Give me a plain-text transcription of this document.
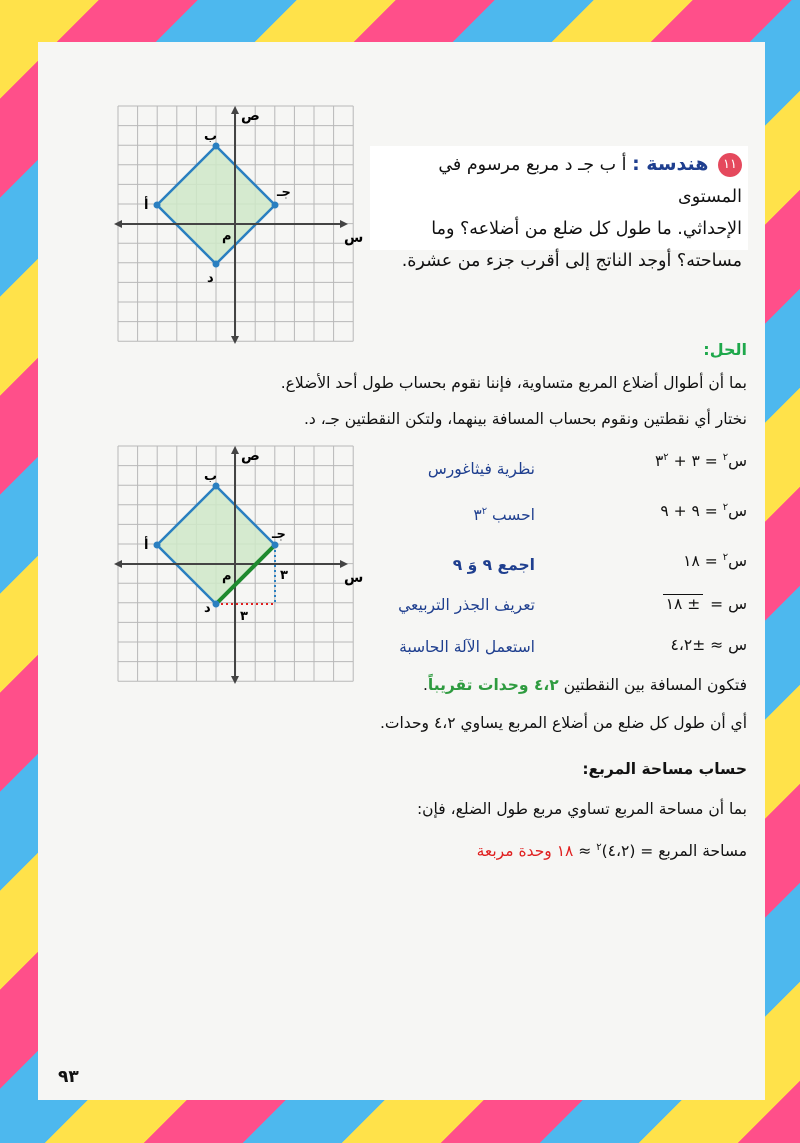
ب
جـ
د
أ
م	س
ص
١١ هندسة : أ ب جـ د مربع مرسوم في المستوى
الإحداثي. ما طول كل ضلع من أضلاعه؟ وما
مساحته؟ أوجد الناتج إلى أقرب جزء من عشرة.
الحل:
بما أن أطوال أضلاع المربع متساوية، فإننا نقوم بحساب طول أحد الأضلاع.
نختار أي نقطتين ونقوم بحساب المسافة بينهما، ولتكن النقطتين جـ، د.
ب
جـ
د
أ
م	س
ص
٣
٣
س$^٢$ = ٣ + $٣^٢$
نظرية فيثاغورس
س$^٢$ = ٩ + ٩
احسب $٣^٢$
س$^٢$ = ١٨
اجمع ٩ وَ ٩
س = ± ١٨
تعريف الجذر التربيعي
س ≈ ±٤،٢
استعمل الآلة الحاسبة
فتكون المسافة بين النقطتين ٤،٢ وحدات تقريباً.
أي أن طول كل ضلع من أضلاع المربع يساوي ٤،٢ وحدات.
حساب مساحة المربع:
بما أن مساحة المربع تساوي مربع طول الضلع، فإن:
مساحة المربع = (٤،٢)$^٢$ ≈ ١٨ وحدة مربعة
٩٣
